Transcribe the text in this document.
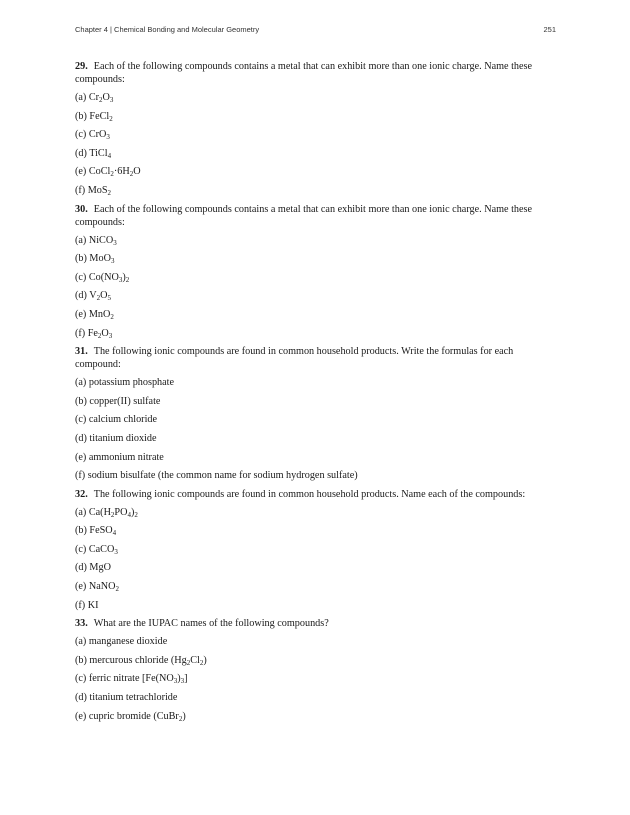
Chapter 4 | Chemical Bonding and Molecular Geometry	251
29. Each of the following compounds contains a metal that can exhibit more than one ionic charge. Name these compounds:
(a) $Cr_2O_3$
(b) FeCl$_2$
(c) CrO$_3$
(d) TiCl$_4$
(e) $CoCl_2\cdot 6H_2O$
(f) MoS$_2$
30. Each of the following compounds contains a metal that can exhibit more than one ionic charge. Name these compounds:
(a) NiCO$_3$
(b) MoO$_3$
(c) $Co(NO_3)_2$
(d) $V_2O_5$
(e) MnO$_2$
(f) $Fe_2O_3$
31. The following ionic compounds are found in common household products. Write the formulas for each compound:
(a) potassium phosphate
(b) copper(II) sulfate
(c) calcium chloride
(d) titanium dioxide
(e) ammonium nitrate
(f) sodium bisulfate (the common name for sodium hydrogen sulfate)
32. The following ionic compounds are found in common household products. Name each of the compounds:
(a) $Ca(H_2PO_4)_2$
(b) FeSO$_4$
(c) CaCO$_3$
(d) MgO
(e) NaNO$_2$
(f) KI
33. What are the IUPAC names of the following compounds?
(a) manganese dioxide
(b) mercurous chloride $(Hg_2Cl_2)$
(c) ferric nitrate $[Fe(NO_3)_3]$
(d) titanium tetrachloride
(e) cupric bromide (CuBr$_2$)
